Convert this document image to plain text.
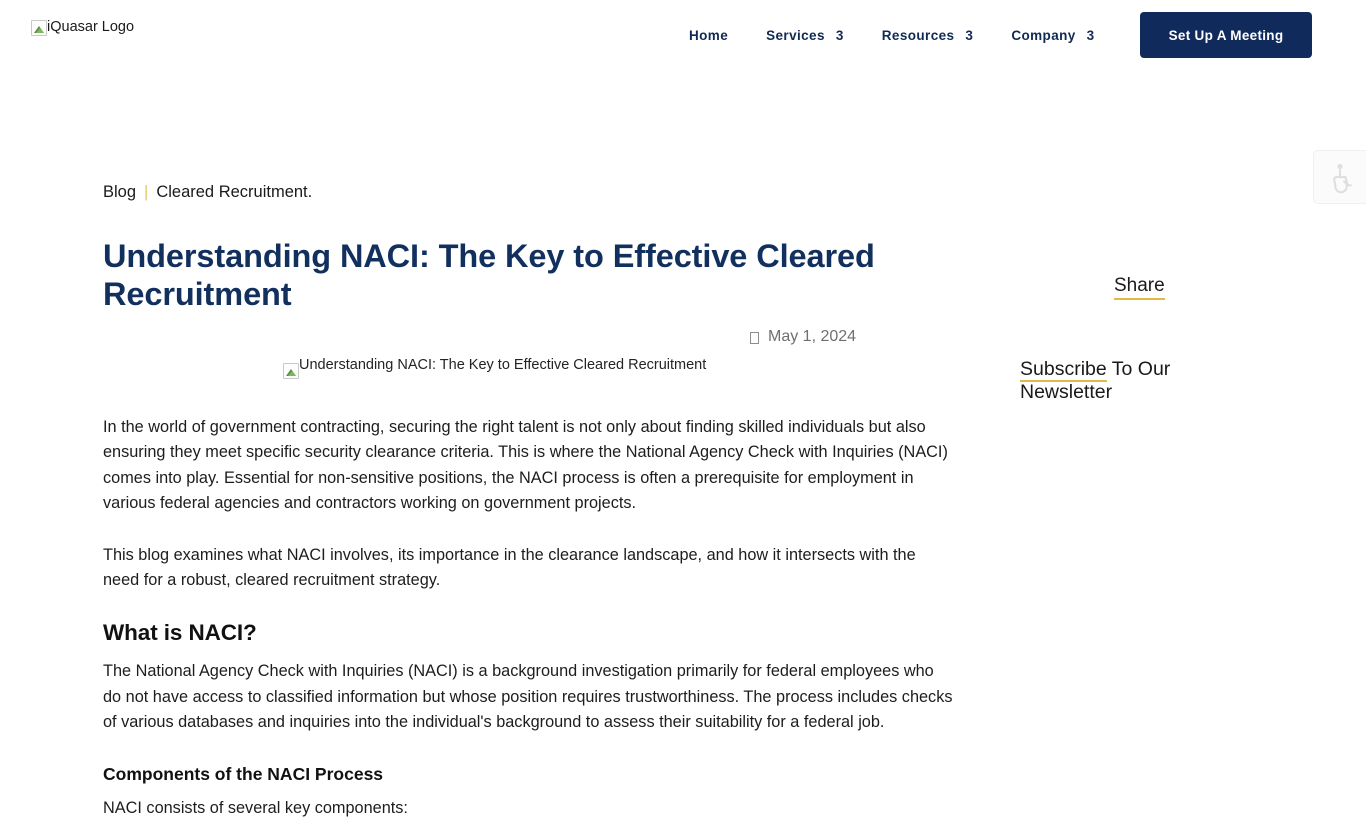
iQuasar Logo	Home	Services 3	Resources 3	Company 3	Set Up A Meeting
Blog | Cleared Recruitment.
Understanding NACI: The Key to Effective Cleared Recruitment
May 1, 2024
Understanding NACI: The Key to Effective Cleared Recruitment

In the world of government contracting, securing the right talent is not only about finding skilled individuals but also ensuring they meet specific security clearance criteria. This is where the National Agency Check with Inquiries (NACI) comes into play. Essential for non-sensitive positions, the NACI process is often a prerequisite for employment in various federal agencies and contractors working on government projects.

This blog examines what NACI involves, its importance in the clearance landscape, and how it intersects with the need for a robust, cleared recruitment strategy.

What is NACI?

The National Agency Check with Inquiries (NACI) is a background investigation primarily for federal employees who do not have access to classified information but whose position requires trustworthiness. The process includes checks of various databases and inquiries into the individual's background to assess their suitability for a federal job.

Components of the NACI Process

NACI consists of several key components:

Share
Subscribe To Our Newsletter
